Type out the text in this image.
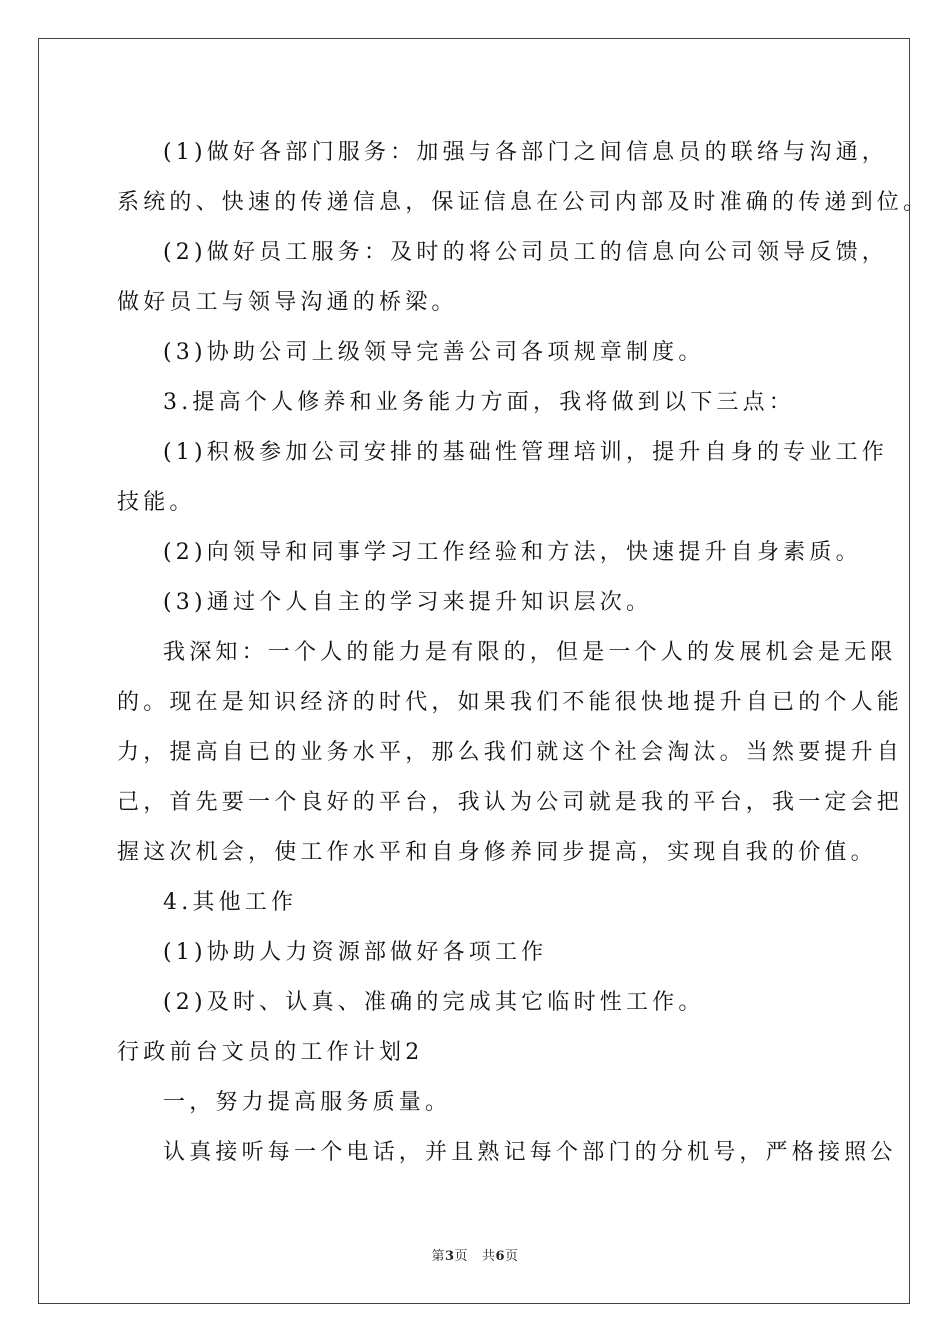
(1)做好各部门服务：加强与各部门之间信息员的联络与沟通，

系统的、快速的传递信息，保证信息在公司内部及时准确的传递到位。

(2)做好员工服务：及时的将公司员工的信息向公司领导反馈，

做好员工与领导沟通的桥梁。

(3)协助公司上级领导完善公司各项规章制度。

3.提高个人修养和业务能力方面，我将做到以下三点：

(1)积极参加公司安排的基础性管理培训，提升自身的专业工作

技能。

(2)向领导和同事学习工作经验和方法，快速提升自身素质。

(3)通过个人自主的学习来提升知识层次。

我深知：一个人的能力是有限的，但是一个人的发展机会是无限

的。现在是知识经济的时代，如果我们不能很快地提升自已的个人能

力，提高自已的业务水平，那么我们就这个社会淘汰。当然要提升自

己，首先要一个良好的平台，我认为公司就是我的平台，我一定会把

握这次机会，使工作水平和自身修养同步提高，实现自我的价值。

4.其他工作

(1)协助人力资源部做好各项工作

(2)及时、认真、准确的完成其它临时性工作。

行政前台文员的工作计划2

一，努力提高服务质量。

认真接听每一个电话，并且熟记每个部门的分机号，严格接照公

第3页 共6页
